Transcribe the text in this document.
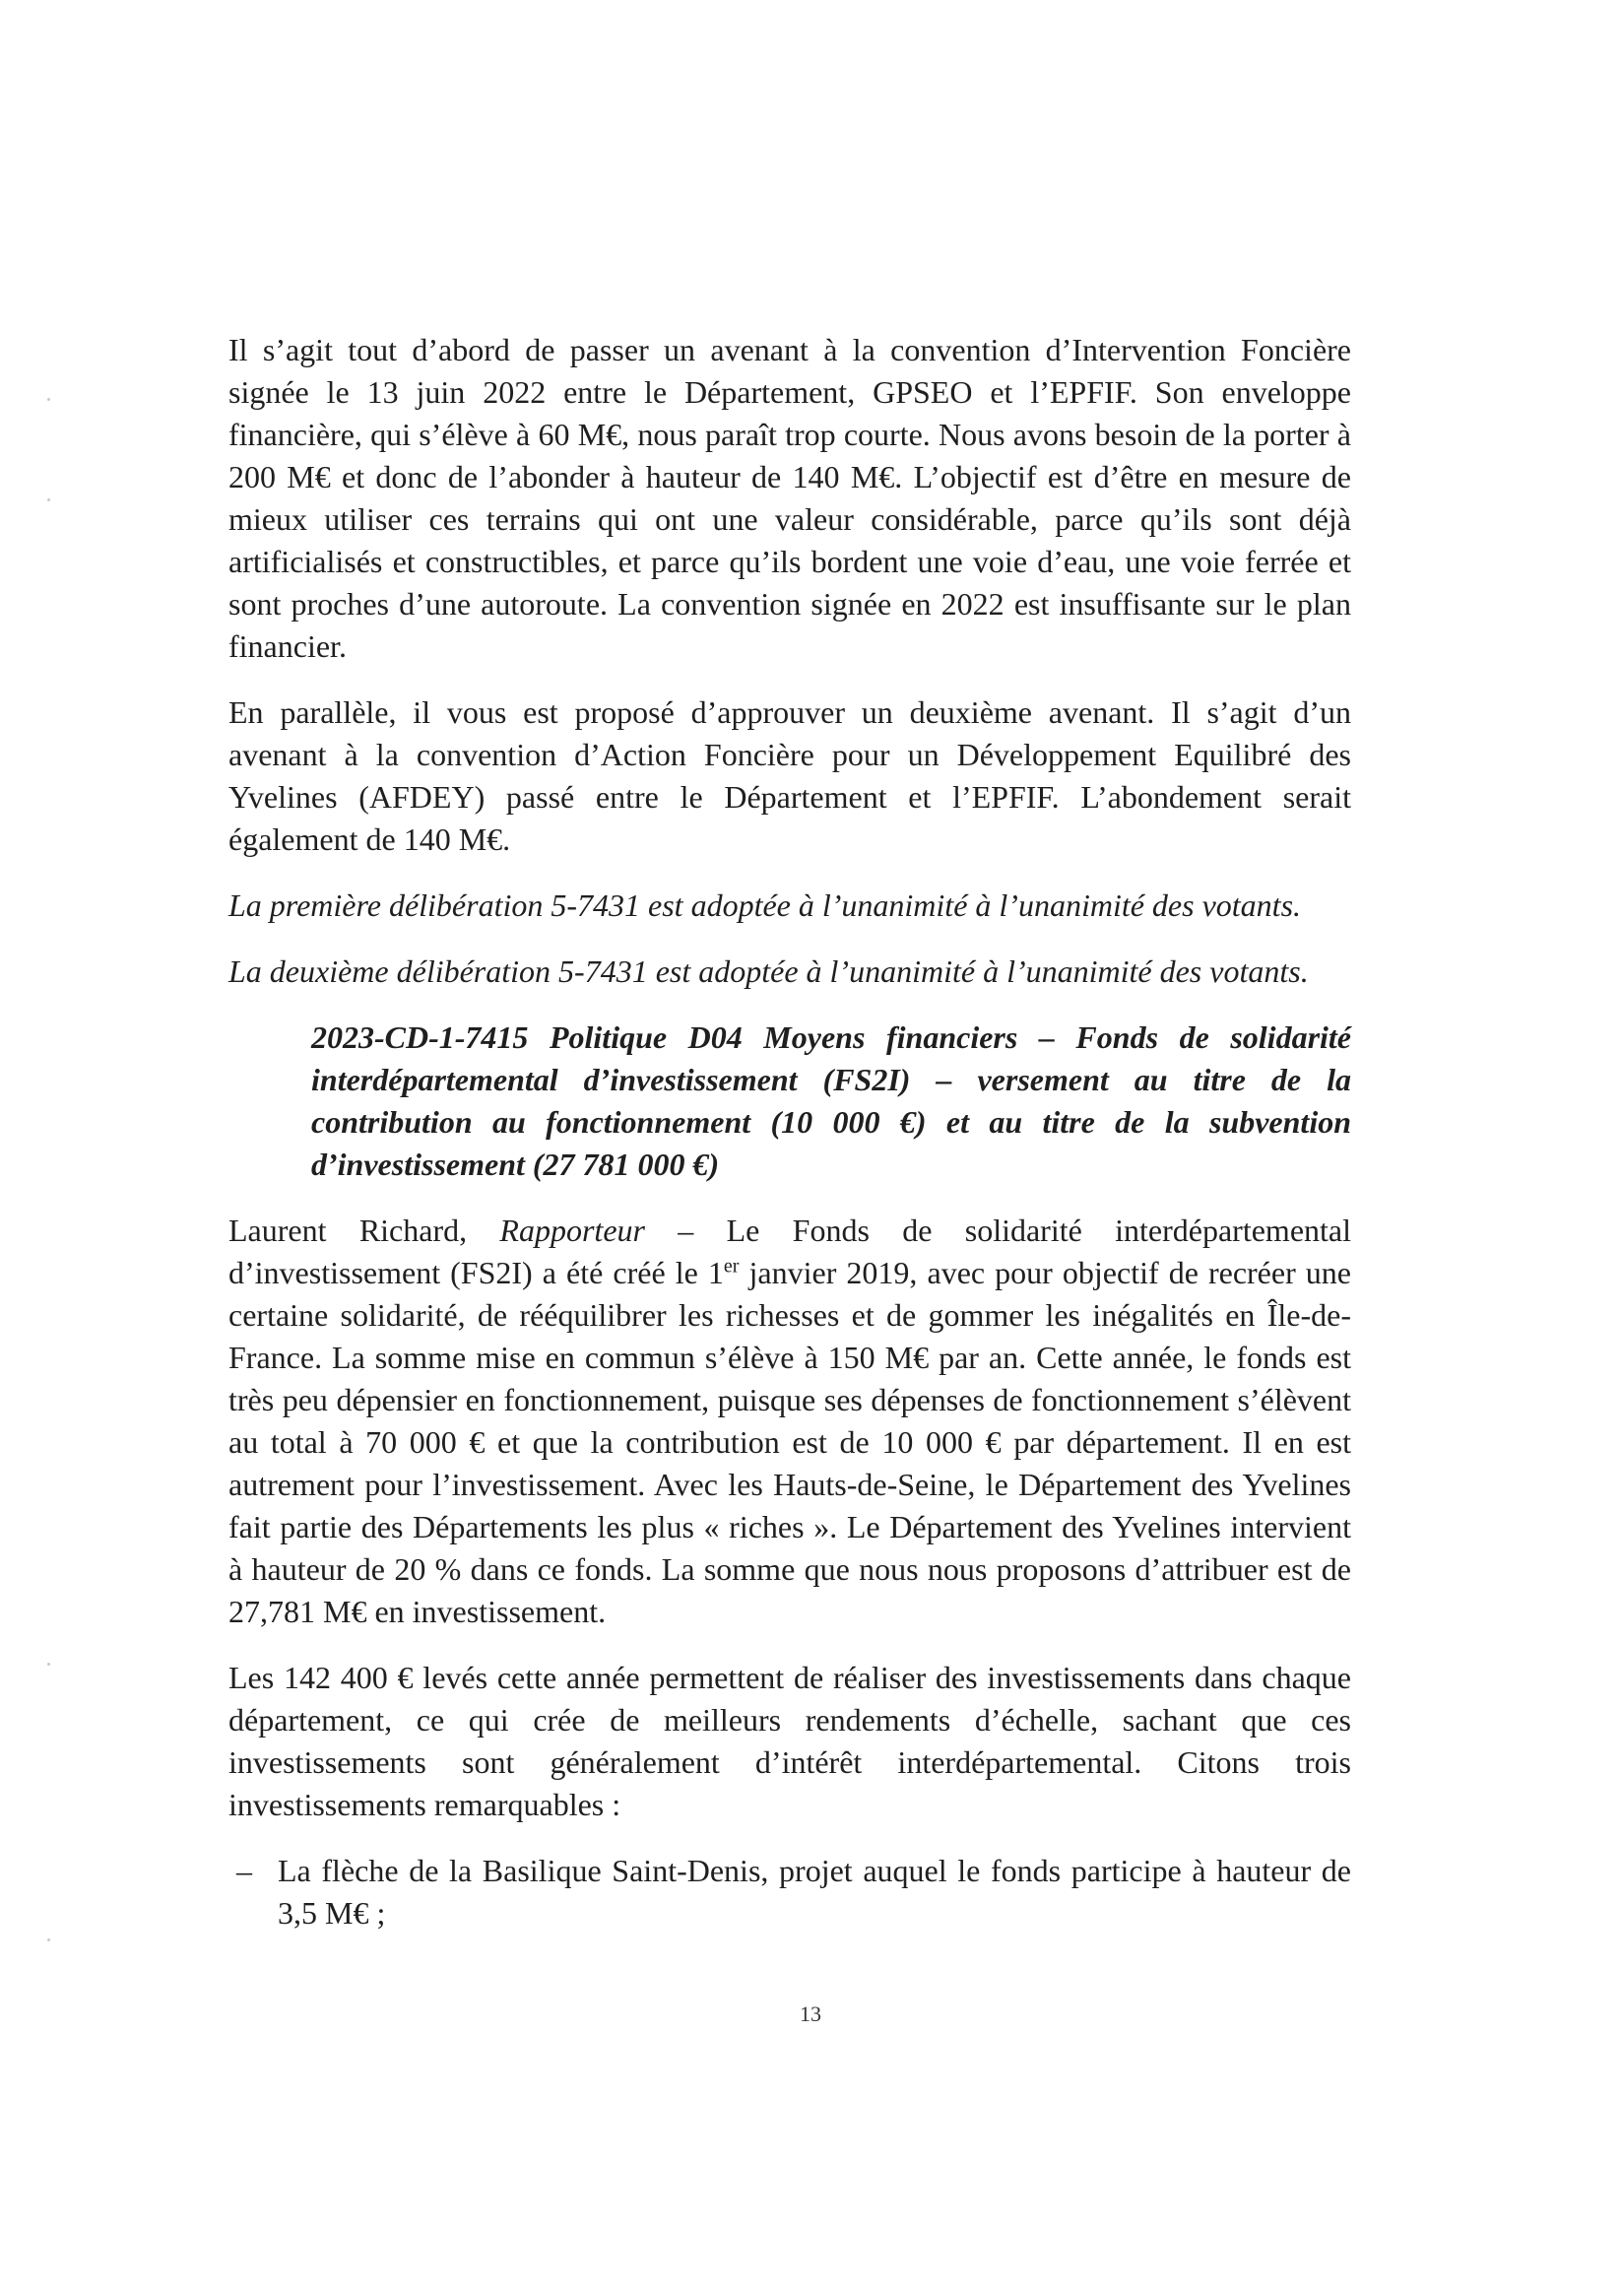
Il s’agit tout d’abord de passer un avenant à la convention d’Intervention Foncière signée le 13 juin 2022 entre le Département, GPSEO et l’EPFIF. Son enveloppe financière, qui s’élève à 60 M€, nous paraît trop courte. Nous avons besoin de la porter à 200 M€ et donc de l’abonder à hauteur de 140 M€. L’objectif est d’être en mesure de mieux utiliser ces terrains qui ont une valeur considérable, parce qu’ils sont déjà artificialisés et constructibles, et parce qu’ils bordent une voie d’eau, une voie ferrée et sont proches d’une autoroute. La convention signée en 2022 est insuffisante sur le plan financier.

En parallèle, il vous est proposé d’approuver un deuxième avenant. Il s’agit d’un avenant à la convention d’Action Foncière pour un Développement Equilibré des Yvelines (AFDEY) passé entre le Département et l’EPFIF. L’abondement serait également de 140 M€.

La première délibération 5-7431 est adoptée à l’unanimité à l’unanimité des votants.

La deuxième délibération 5-7431 est adoptée à l’unanimité à l’unanimité des votants.

2023-CD-1-7415 Politique D04 Moyens financiers – Fonds de solidarité interdépartemental d’investissement (FS2I) – versement au titre de la contribution au fonctionnement (10 000 €) et au titre de la subvention d’investissement (27 781 000 €)

Laurent Richard, Rapporteur – Le Fonds de solidarité interdépartemental d’investissement (FS2I) a été créé le 1er janvier 2019, avec pour objectif de recréer une certaine solidarité, de rééquilibrer les richesses et de gommer les inégalités en Île-de-France. La somme mise en commun s’élève à 150 M€ par an. Cette année, le fonds est très peu dépensier en fonctionnement, puisque ses dépenses de fonctionnement s’élèvent au total à 70 000 € et que la contribution est de 10 000 € par département. Il en est autrement pour l’investissement. Avec les Hauts-de-Seine, le Département des Yvelines fait partie des Départements les plus « riches ». Le Département des Yvelines intervient à hauteur de 20 % dans ce fonds. La somme que nous nous proposons d’attribuer est de 27,781 M€ en investissement.

Les 142 400 € levés cette année permettent de réaliser des investissements dans chaque département, ce qui crée de meilleurs rendements d’échelle, sachant que ces investissements sont généralement d’intérêt interdépartemental. Citons trois investissements remarquables :

– La flèche de la Basilique Saint-Denis, projet auquel le fonds participe à hauteur de 3,5 M€ ;
13
